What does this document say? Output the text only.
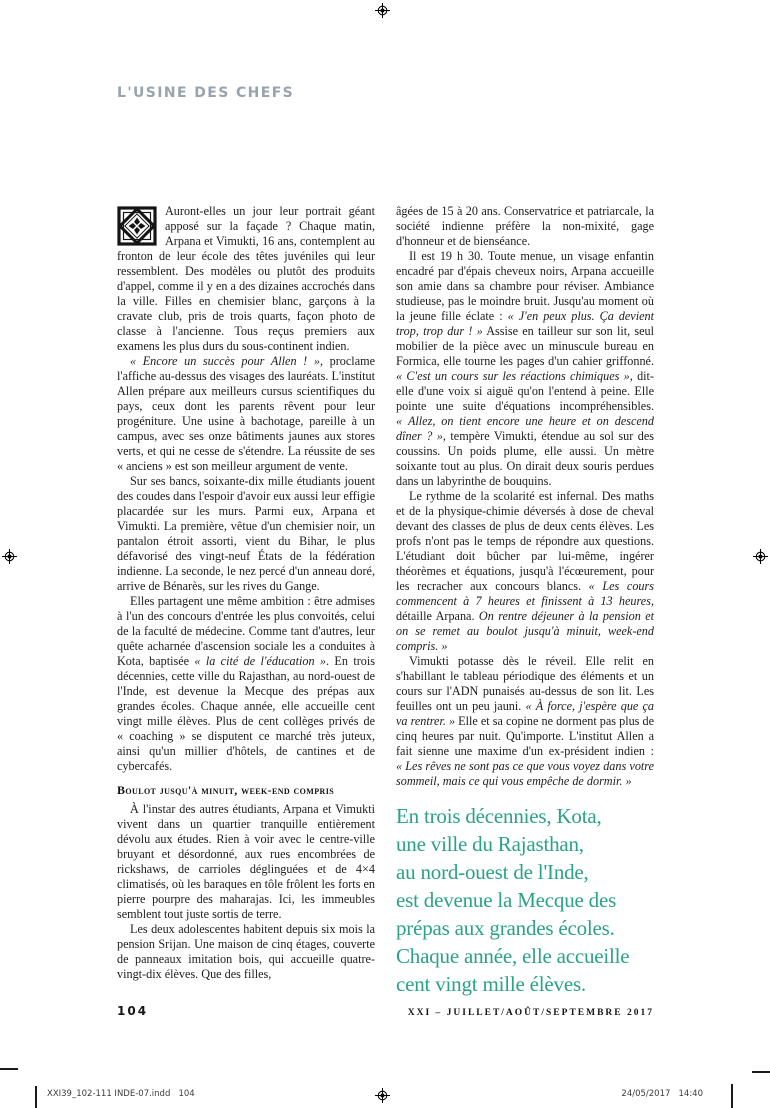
L'USINE DES CHEFS

Auront-elles un jour leur portrait géant apposé sur la façade ? Chaque matin, Arpana et Vimukti, 16 ans, contemplent au fronton de leur école des têtes juvéniles qui leur ressemblent. Des modèles ou plutôt des produits d'appel, comme il y en a des dizaines accrochés dans la ville. Filles en chemisier blanc, garçons à la cravate club, pris de trois quarts, façon photo de classe à l'ancienne. Tous reçus premiers aux examens les plus durs du sous-continent indien.

« Encore un succès pour Allen ! », proclame l'affiche au-dessus des visages des lauréats. L'institut Allen prépare aux meilleurs cursus scientifiques du pays, ceux dont les parents rêvent pour leur progéniture. Une usine à bachotage, pareille à un campus, avec ses onze bâtiments jaunes aux stores verts, et qui ne cesse de s'étendre. La réussite de ses « anciens » est son meilleur argument de vente.

Sur ses bancs, soixante-dix mille étudiants jouent des coudes dans l'espoir d'avoir eux aussi leur effigie placardée sur les murs. Parmi eux, Arpana et Vimukti. La première, vêtue d'un chemisier noir, un pantalon étroit assorti, vient du Bihar, le plus défavorisé des vingt-neuf États de la fédération indienne. La seconde, le nez percé d'un anneau doré, arrive de Bénarès, sur les rives du Gange.

Elles partagent une même ambition : être admises à l'un des concours d'entrée les plus convoités, celui de la faculté de médecine. Comme tant d'autres, leur quête acharnée d'ascension sociale les a conduites à Kota, baptisée « la cité de l'éducation ». En trois décennies, cette ville du Rajasthan, au nord-ouest de l'Inde, est devenue la Mecque des prépas aux grandes écoles. Chaque année, elle accueille cent vingt mille élèves. Plus de cent collèges privés de « coaching » se disputent ce marché très juteux, ainsi qu'un millier d'hôtels, de cantines et de cybercafés.

Boulot jusqu'à minuit, week-end compris

À l'instar des autres étudiants, Arpana et Vimukti vivent dans un quartier tranquille entièrement dévolu aux études. Rien à voir avec le centre-ville bruyant et désordonné, aux rues encombrées de rickshaws, de carrioles déglinguées et de 4×4 climatisés, où les baraques en tôle frôlent les forts en pierre pourpre des maharajas. Ici, les immeubles semblent tout juste sortis de terre.

Les deux adolescentes habitent depuis six mois la pension Srijan. Une maison de cinq étages, couverte de panneaux imitation bois, qui accueille quatre-vingt-dix élèves. Que des filles,

âgées de 15 à 20 ans. Conservatrice et patriarcale, la société indienne préfère la non-mixité, gage d'honneur et de bienséance.

Il est 19 h 30. Toute menue, un visage enfantin encadré par d'épais cheveux noirs, Arpana accueille son amie dans sa chambre pour réviser. Ambiance studieuse, pas le moindre bruit. Jusqu'au moment où la jeune fille éclate : « J'en peux plus. Ça devient trop, trop dur ! » Assise en tailleur sur son lit, seul mobilier de la pièce avec un minuscule bureau en Formica, elle tourne les pages d'un cahier griffonné. « C'est un cours sur les réactions chimiques », dit-elle d'une voix si aiguë qu'on l'entend à peine. Elle pointe une suite d'équations incompréhensibles. « Allez, on tient encore une heure et on descend dîner ? », tempère Vimukti, étendue au sol sur des coussins. Un poids plume, elle aussi. Un mètre soixante tout au plus. On dirait deux souris perdues dans un labyrinthe de bouquins.

Le rythme de la scolarité est infernal. Des maths et de la physique-chimie déversés à dose de cheval devant des classes de plus de deux cents élèves. Les profs n'ont pas le temps de répondre aux questions. L'étudiant doit bûcher par lui-même, ingérer théorèmes et équations, jusqu'à l'écœurement, pour les recracher aux concours blancs. « Les cours commencent à 7 heures et finissent à 13 heures, détaille Arpana. On rentre déjeuner à la pension et on se remet au boulot jusqu'à minuit, week-end compris. »

Vimukti potasse dès le réveil. Elle relit en s'habillant le tableau périodique des éléments et un cours sur l'ADN punaisés au-dessus de son lit. Les feuilles ont un peu jauni. « À force, j'espère que ça va rentrer. » Elle et sa copine ne dorment pas plus de cinq heures par nuit. Qu'importe. L'institut Allen a fait sienne une maxime d'un ex-président indien : « Les rêves ne sont pas ce que vous voyez dans votre sommeil, mais ce qui vous empêche de dormir. »

En trois décennies, Kota,
une ville du Rajasthan,
au nord-ouest de l'Inde,
est devenue la Mecque des
prépas aux grandes écoles.
Chaque année, elle accueille
cent vingt mille élèves.
104	XXI – JUILLET/AOÛT/SEPTEMBRE 2017
XXI39_102-111 INDE-07.indd   104	24/05/2017   14:40
